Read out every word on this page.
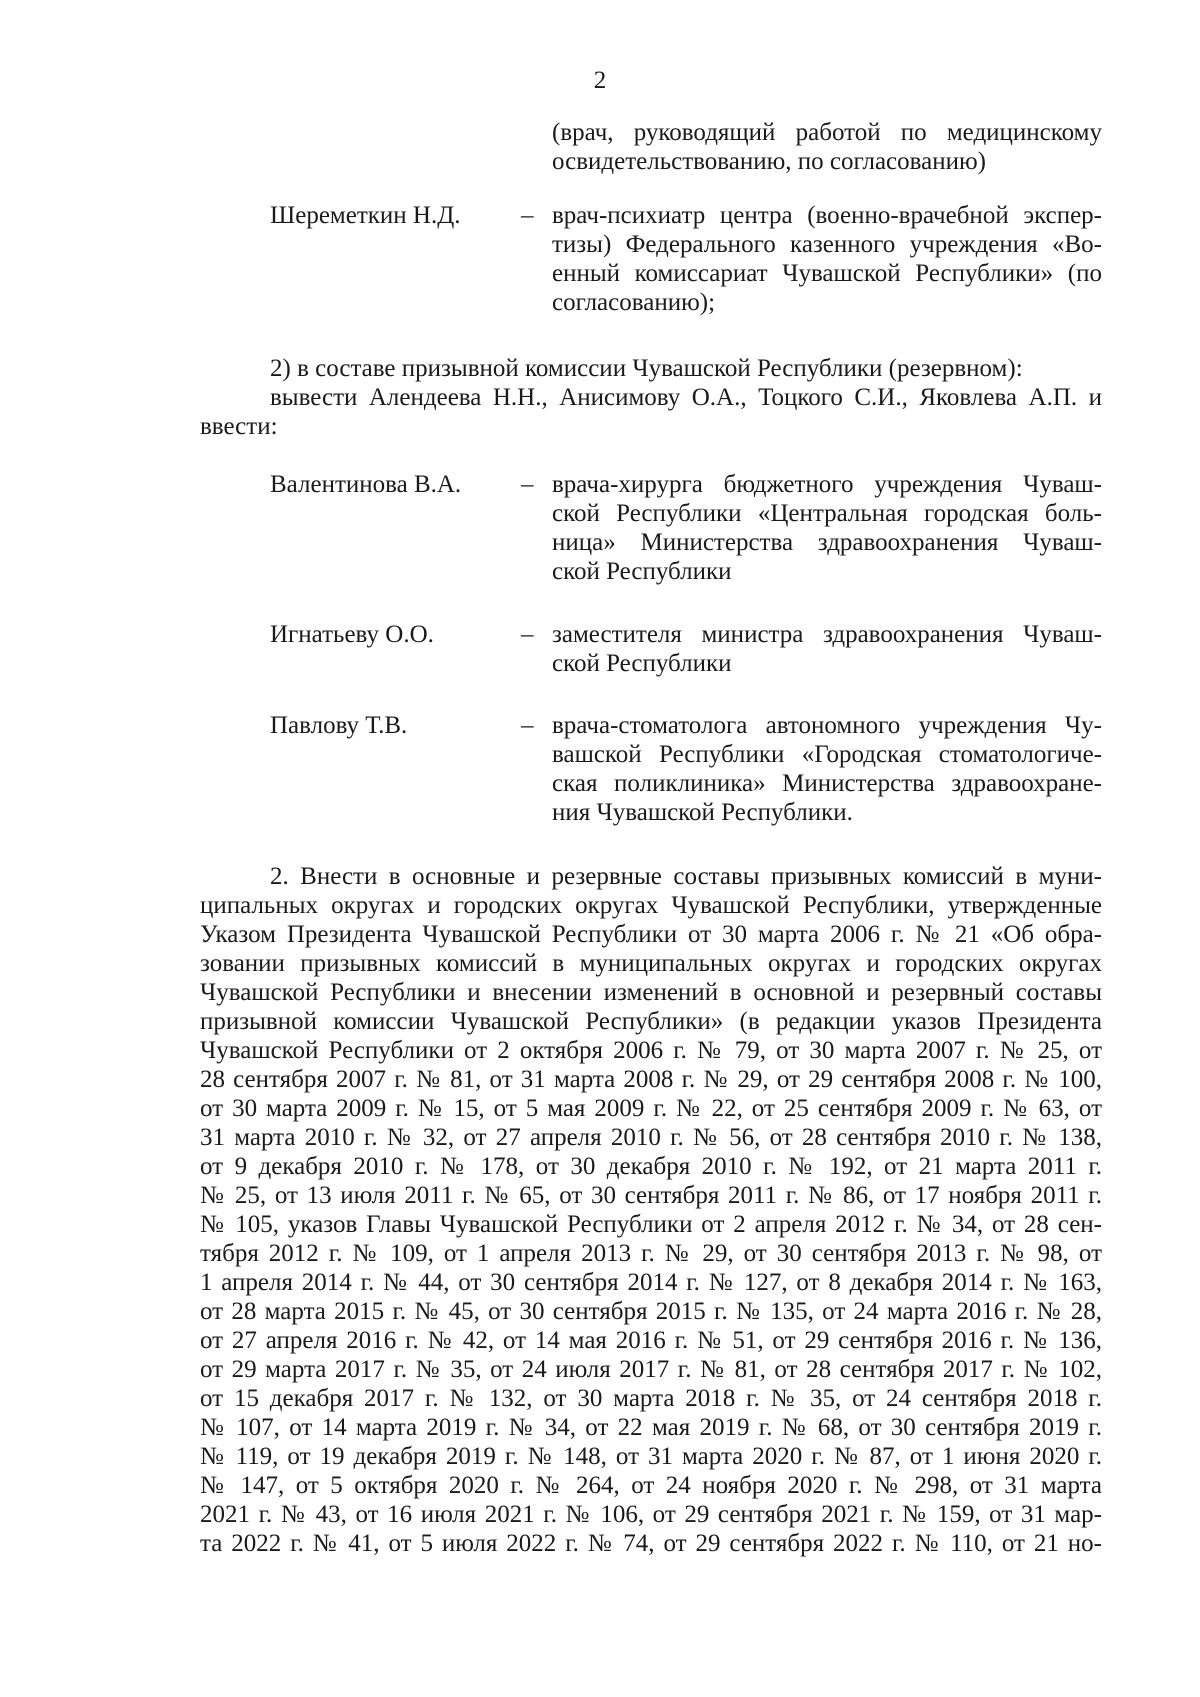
2
(врач, руководящий работой по медицинскому
освидетельствованию, по согласованию)
Шереметкин Н.Д. – врач-психиатр центра (военно-врачебной экспер-
тизы) Федерального казенного учреждения «Во-
енный комиссариат Чувашской Республики» (по
согласованию);
2) в составе призывной комиссии Чувашской Республики (резервном):
вывести Алендеева Н.Н., Анисимову О.А., Тоцкого С.И., Яковлева А.П. и
ввести:
Валентинова В.А. – врача-хирурга бюджетного учреждения Чуваш-
ской Республики «Центральная городская боль-
ница» Министерства здравоохранения Чуваш-
ской Республики
Игнатьеву О.О.	– заместителя министра здравоохранения Чуваш-
ской Республики
Павлову Т.В.	– врача-стоматолога автономного учреждения Чу-
вашской Республики «Городская стоматологиче-
ская поликлиника» Министерства здравоохране-
ния Чувашской Республики.
2. Внести в основные и резервные составы призывных комиссий в муни-
ципальных округах и городских округах Чувашской Республики, утвержденные
Указом Президента Чувашской Республики от 30 марта 2006 г. № 21 «Об обра-
зовании призывных комиссий в муниципальных округах и городских округах
Чувашской Республики и внесении изменений в основной и резервный составы
призывной комиссии Чувашской Республики» (в редакции указов Президента
Чувашской Республики от 2 октября 2006 г. № 79, от 30 марта 2007 г. № 25, от
28 сентября 2007 г. № 81, от 31 марта 2008 г. № 29, от 29 сентября 2008 г. № 100,
от 30 марта 2009 г. № 15, от 5 мая 2009 г. № 22, от 25 сентября 2009 г. № 63, от
31 марта 2010 г. № 32, от 27 апреля 2010 г. № 56, от 28 сентября 2010 г. № 138,
от 9 декабря 2010 г. № 178, от 30 декабря 2010 г. № 192, от 21 марта 2011 г.
№ 25, от 13 июля 2011 г. № 65, от 30 сентября 2011 г. № 86, от 17 ноября 2011 г.
№ 105, указов Главы Чувашской Республики от 2 апреля 2012 г. № 34, от 28 сен-
тября 2012 г. № 109, от 1 апреля 2013 г. № 29, от 30 сентября 2013 г. № 98, от
1 апреля 2014 г. № 44, от 30 сентября 2014 г. № 127, от 8 декабря 2014 г. № 163,
от 28 марта 2015 г. № 45, от 30 сентября 2015 г. № 135, от 24 марта 2016 г. № 28,
от 27 апреля 2016 г. № 42, от 14 мая 2016 г. № 51, от 29 сентября 2016 г. № 136,
от 29 марта 2017 г. № 35, от 24 июля 2017 г. № 81, от 28 сентября 2017 г. № 102,
от 15 декабря 2017 г. № 132, от 30 марта 2018 г. № 35, от 24 сентября 2018 г.
№ 107, от 14 марта 2019 г. № 34, от 22 мая 2019 г. № 68, от 30 сентября 2019 г.
№ 119, от 19 декабря 2019 г. № 148, от 31 марта 2020 г. № 87, от 1 июня 2020 г.
№ 147, от 5 октября 2020 г. № 264, от 24 ноября 2020 г. № 298, от 31 марта
2021 г. № 43, от 16 июля 2021 г. № 106, от 29 сентября 2021 г. № 159, от 31 мар-
та 2022 г. № 41, от 5 июля 2022 г. № 74, от 29 сентября 2022 г. № 110, от 21 но-
